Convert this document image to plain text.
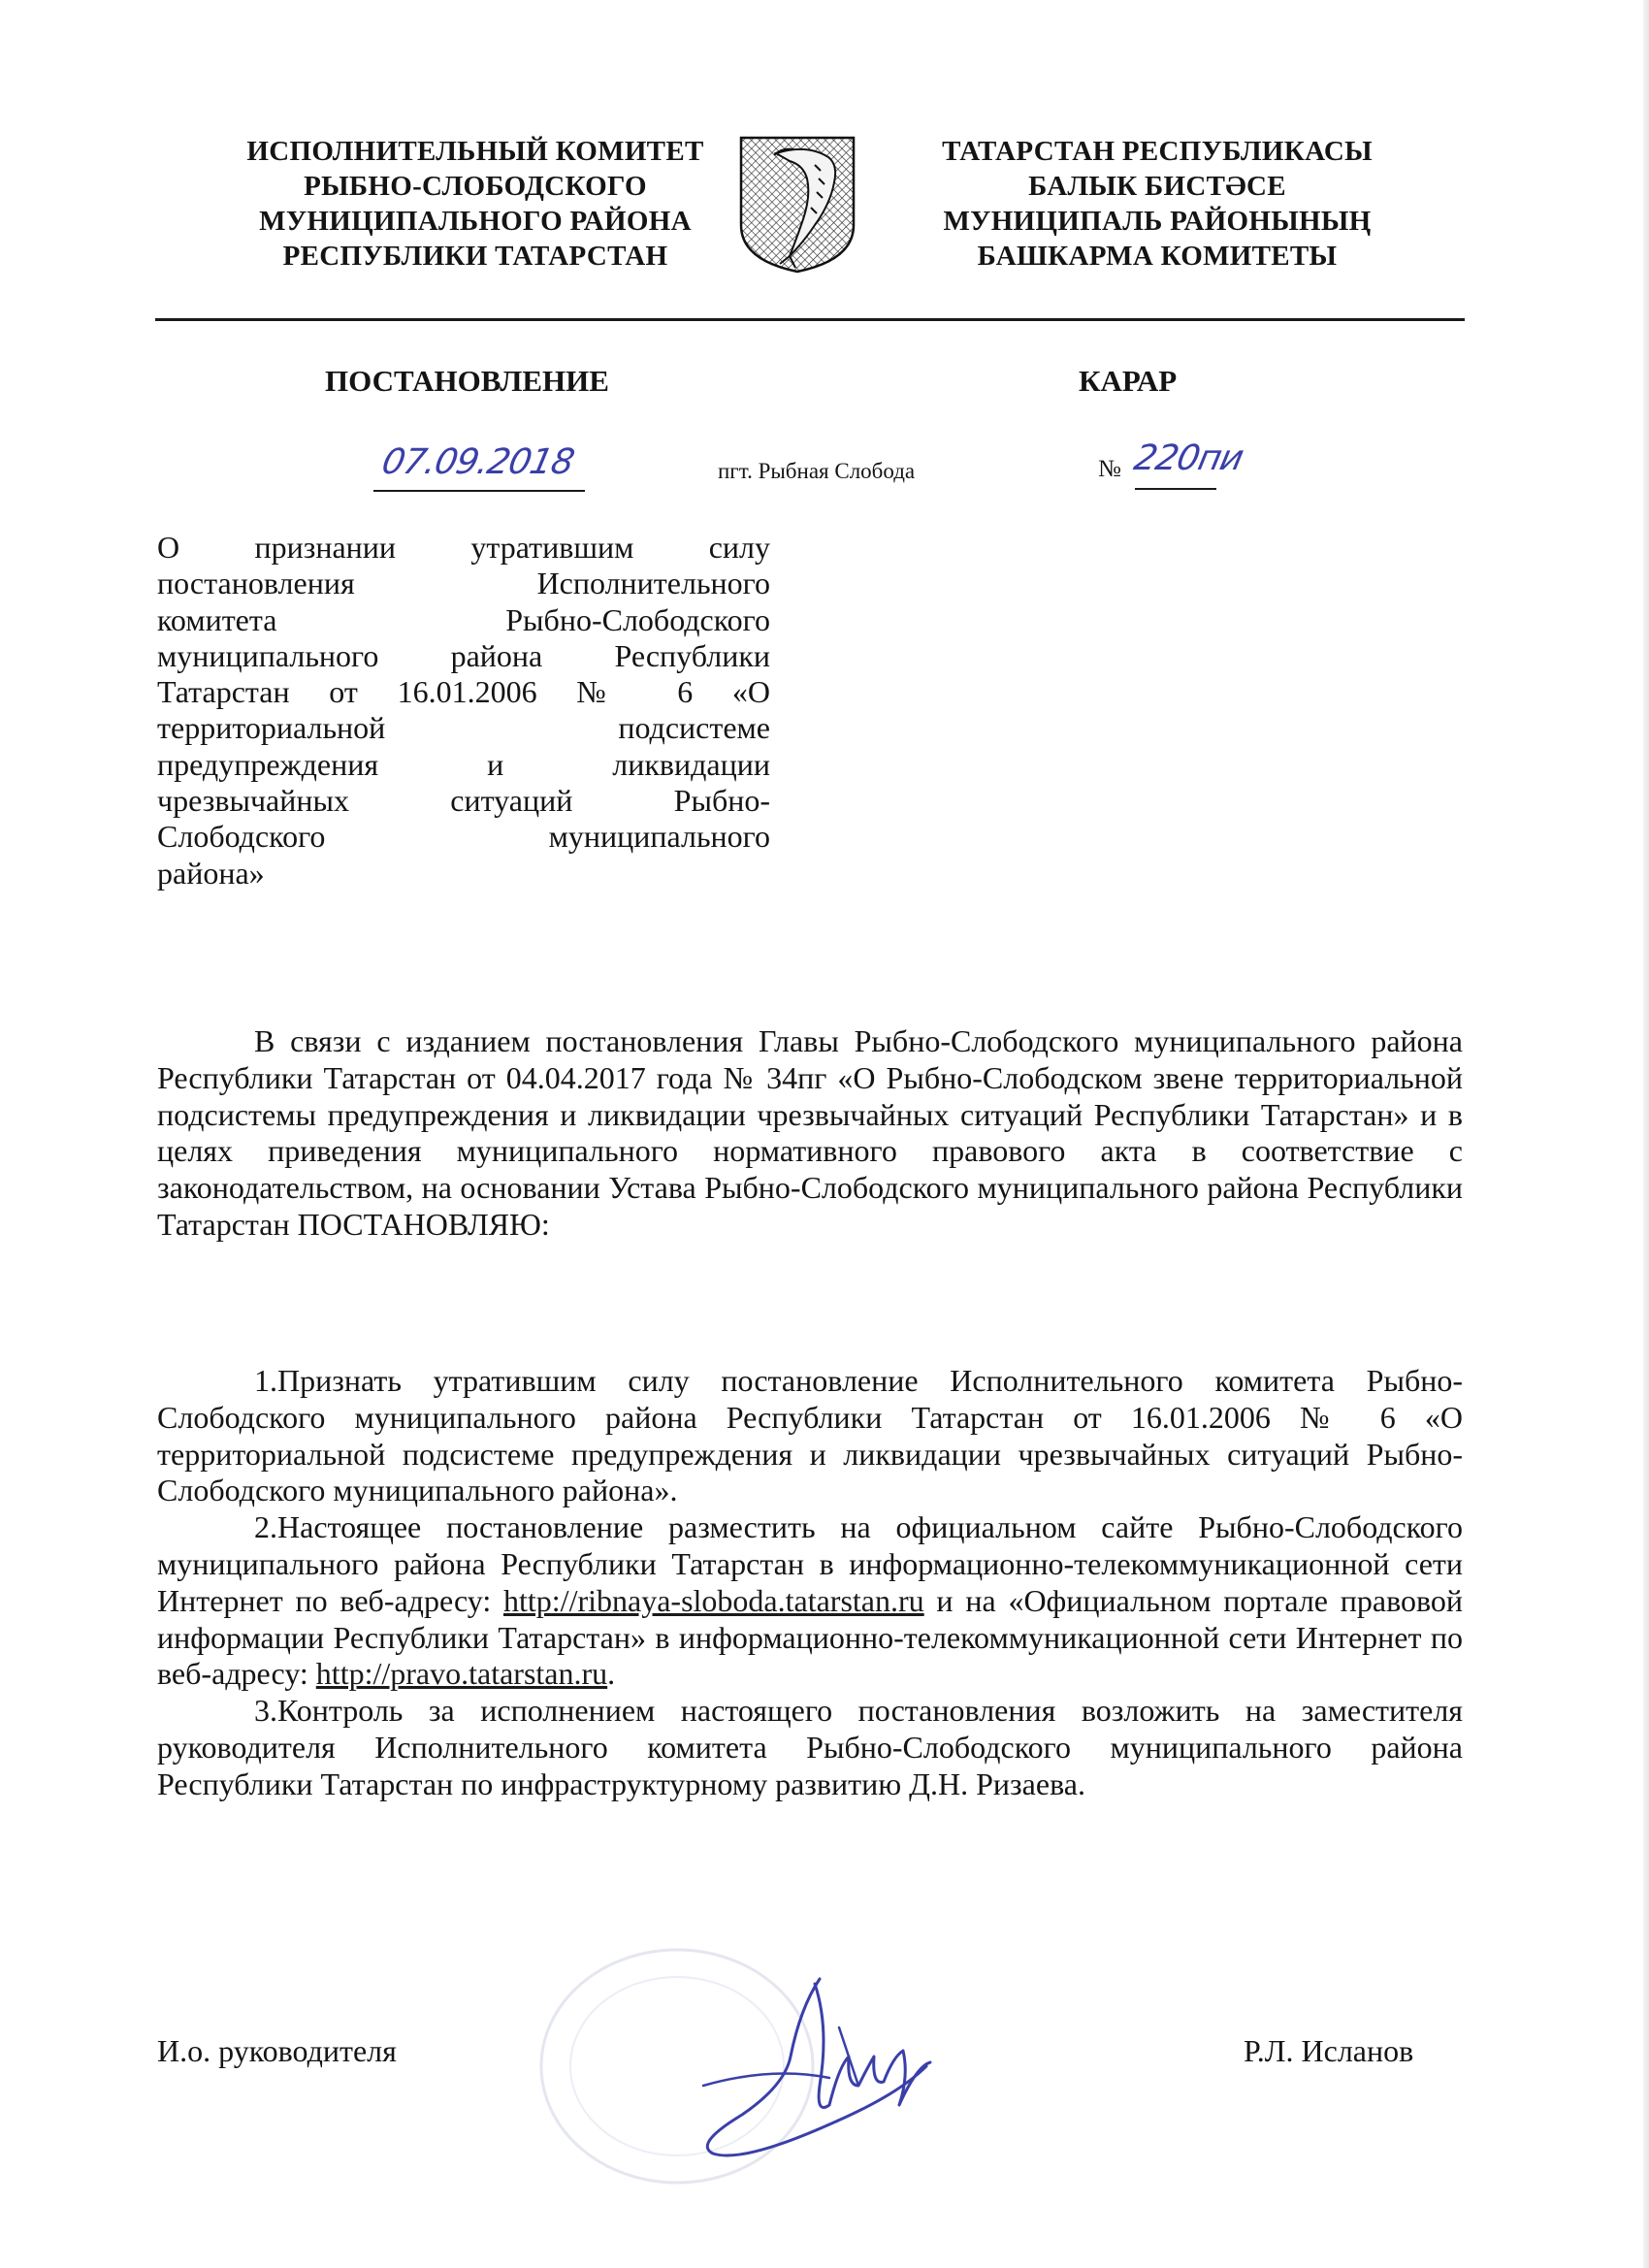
ИСПОЛНИТЕЛЬНЫЙ КОМИТЕТ
РЫБНО-СЛОБОДСКОГО
МУНИЦИПАЛЬНОГО РАЙОНА
РЕСПУБЛИКИ ТАТАРСТАН
ТАТАРСТАН РЕСПУБЛИКАСЫ
БАЛЫК БИСТӘСЕ
МУНИЦИПАЛЬ РАЙОНЫНЫҢ
БАШКАРМА КОМИТЕТЫ
ПОСТАНОВЛЕНИЕ	КАРАР
07.09.2018	пгт. Рыбная Слобода	№ 220пи
О признании утратившим силу
постановления Исполнительного
комитета Рыбно-Слободского
муниципального района Республики
Татарстан от 16.01.2006 № 6 «О
территориальной подсистеме
предупреждения и ликвидации
чрезвычайных ситуаций Рыбно-
Слободского муниципального
района»

В связи с изданием постановления Главы Рыбно-Слободского муниципального района Республики Татарстан от 04.04.2017 года № 34пг «О Рыбно-Слободском звене территориальной подсистемы предупреждения и ликвидации чрезвычайных ситуаций Республики Татарстан» и в целях приведения муниципального нормативного правового акта в соответствие с законодательством, на основании Устава Рыбно-Слободского муниципального района Республики Татарстан ПОСТАНОВЛЯЮ:

1.Признать утратившим силу постановление Исполнительного комитета Рыбно-Слободского муниципального района Республики Татарстан от 16.01.2006 № 6 «О территориальной подсистеме предупреждения и ликвидации чрезвычайных ситуаций Рыбно-Слободского муниципального района».

2.Настоящее постановление разместить на официальном сайте Рыбно-Слободского муниципального района Республики Татарстан в информационно-телекоммуникационной сети Интернет по веб-адресу: http://ribnaya-sloboda.tatarstan.ru и на «Официальном портале правовой информации Республики Татарстан» в информационно-телекоммуникационной сети Интернет по веб-адресу: http://pravo.tatarstan.ru.

3.Контроль за исполнением настоящего постановления возложить на заместителя руководителя Исполнительного комитета Рыбно-Слободского муниципального района Республики Татарстан по инфраструктурному развитию Д.Н. Ризаева.

И.о. руководителя	Р.Л. Исланов
